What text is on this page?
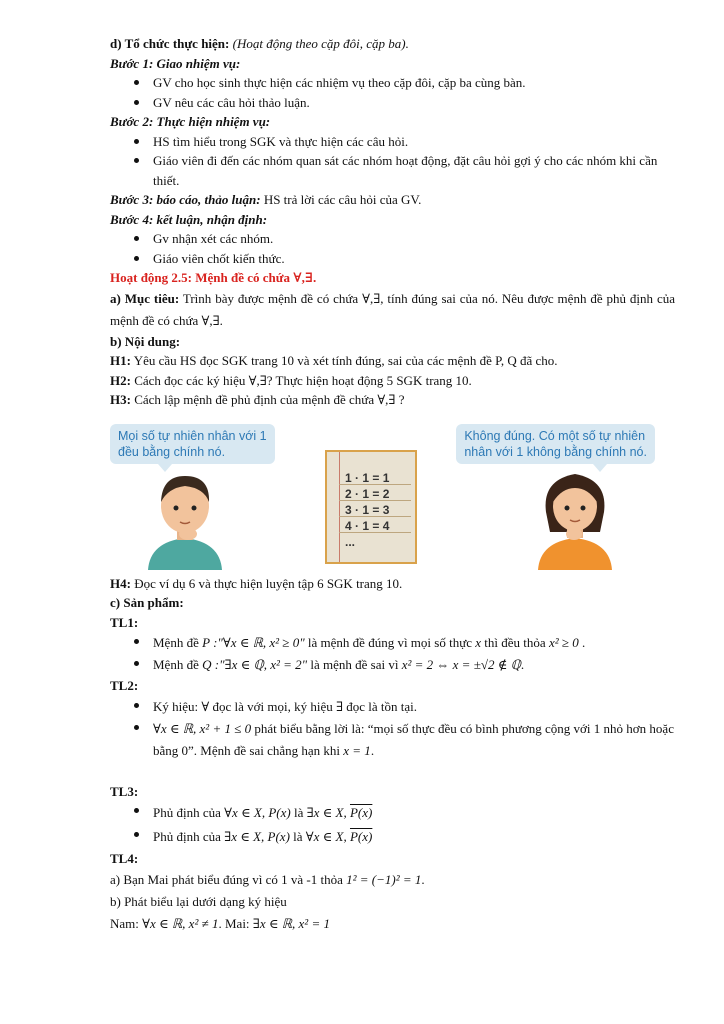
d) Tổ chức thực hiện: (Hoạt động theo cặp đôi, cặp ba).
Bước 1: Giao nhiệm vụ:
GV cho học sinh thực hiện các nhiệm vụ theo cặp đôi, cặp ba cùng bàn.
GV nêu các câu hỏi thảo luận.
Bước 2: Thực hiện nhiệm vụ:
HS tìm hiểu trong SGK và thực hiện các câu hỏi.
Giáo viên đi đến các nhóm quan sát các nhóm hoạt động, đặt câu hỏi gợi ý cho các nhóm khi cần thiết.
Bước 3: báo cáo, thảo luận: HS trả lời các câu hỏi của GV.
Bước 4: kết luận, nhận định:
Gv nhận xét các nhóm.
Giáo viên chốt kiến thức.
Hoạt động 2.5: Mệnh đề có chứa ∀,∃.
a) Mục tiêu: Trình bày được mệnh đề có chứa ∀,∃, tính đúng sai của nó. Nêu được mệnh đề phủ định của mệnh đề có chứa ∀,∃.
b) Nội dung:
H1: Yêu cầu HS đọc SGK trang 10 và xét tính đúng, sai của các mệnh đề P, Q đã cho.
H2: Cách đọc các ký hiệu ∀,∃? Thực hiện hoạt động 5 SGK trang 10.
H3: Cách lập mệnh đề phủ định của mệnh đề chứa ∀,∃ ?
Mọi số tự nhiên nhân với 1
đều bằng chính nó.
Không đúng. Có một số tự nhiên
nhân với 1 không bằng chính nó.
1 · 1 = 1
2 · 1 = 2
3 · 1 = 3
4 · 1 = 4
...
H4: Đọc ví dụ 6 và thực hiện luyện tập 6 SGK trang 10.
c) Sản phẩm:
TL1:
Mệnh đề P :"∀x ∈ ℝ, x² ≥ 0" là mệnh đề đúng vì mọi số thực x thì đều thỏa x² ≥ 0 .
Mệnh đề Q :"∃x ∈ ℚ, x² = 2" là mệnh đề sai vì x² = 2 ⇔ x = ±√2 ∉ ℚ.
TL2:
Ký hiệu: ∀ đọc là với mọi, ký hiệu ∃ đọc là tồn tại.
∀x ∈ ℝ, x² + 1 ≤ 0 phát biểu bằng lời là: “mọi số thực đều có bình phương cộng với 1 nhỏ hơn hoặc bằng 0”. Mệnh đề sai chẳng hạn khi x = 1.
TL3:
Phủ định của ∀x ∈ X, P(x) là ∃x ∈ X, P(x)
Phủ định của ∃x ∈ X, P(x) là ∀x ∈ X, P(x)
TL4:
a) Bạn Mai phát biểu đúng vì có 1 và -1 thỏa 1² = (−1)² = 1.
b) Phát biểu lại dưới dạng ký hiệu
Nam: ∀x ∈ ℝ, x² ≠ 1. Mai: ∃x ∈ ℝ, x² = 1
